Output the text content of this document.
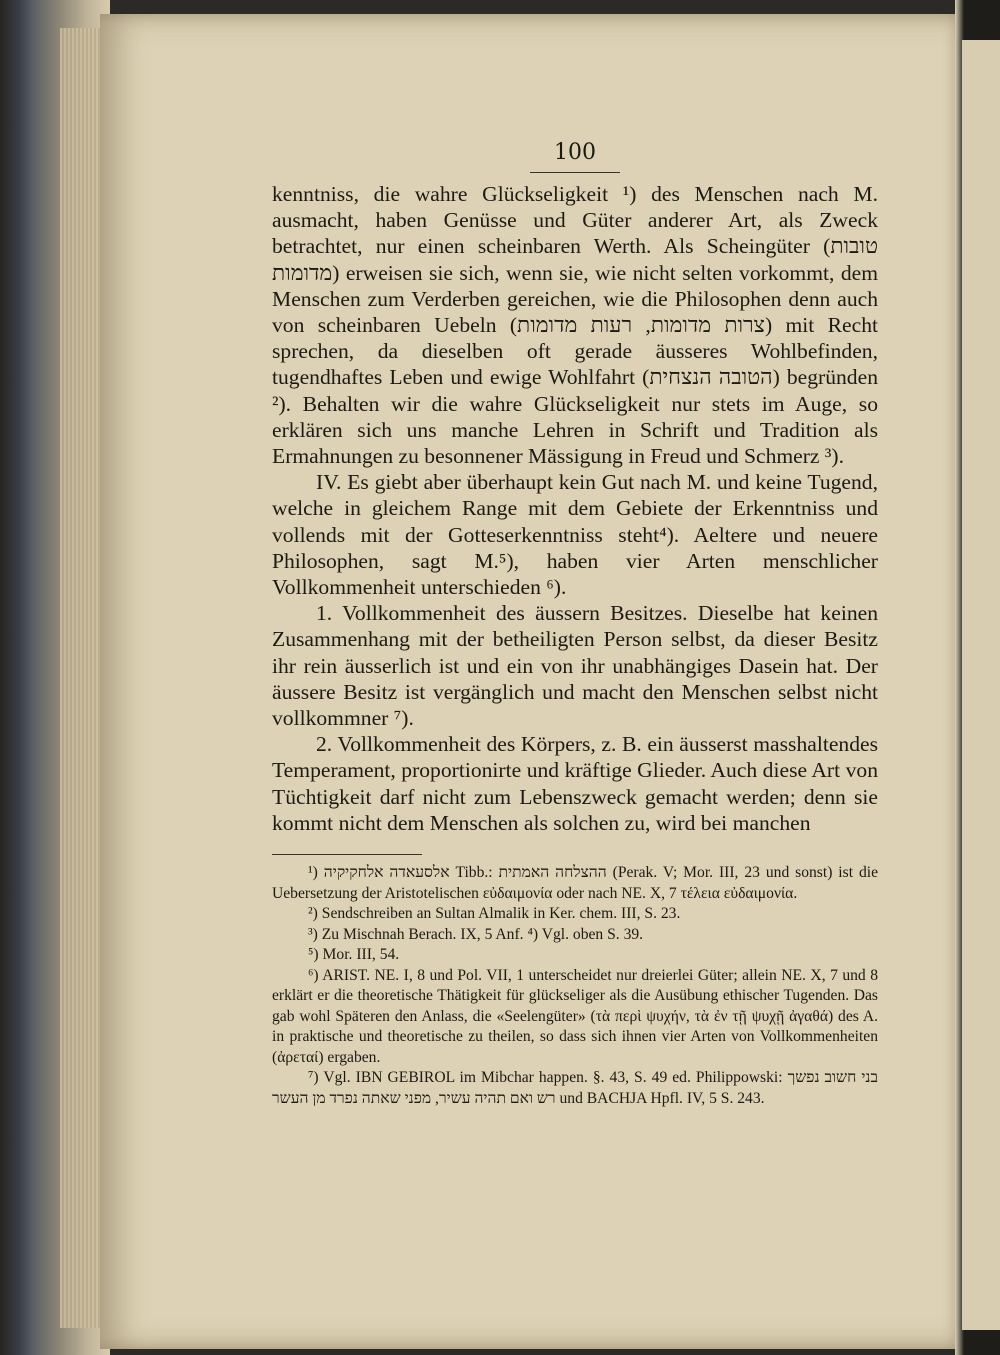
100

kenntniss, die wahre Glückseligkeit ¹) des Menschen nach M. ausmacht, haben Genüsse und Güter anderer Art, als Zweck betrachtet, nur einen scheinbaren Werth. Als Scheingüter (טובות מדומות) erweisen sie sich, wenn sie, wie nicht selten vorkommt, dem Menschen zum Verderben gereichen, wie die Philosophen denn auch von scheinbaren Uebeln (צרות מדומות, רעות מדומות) mit Recht sprechen, da dieselben oft gerade äusseres Wohlbefinden, tugendhaftes Leben und ewige Wohlfahrt (הטובה הנצחית) begründen ²). Behalten wir die wahre Glückseligkeit nur stets im Auge, so erklären sich uns manche Lehren in Schrift und Tradition als Ermahnungen zu besonnener Mässigung in Freud und Schmerz ³).

IV. Es giebt aber überhaupt kein Gut nach M. und keine Tugend, welche in gleichem Range mit dem Gebiete der Erkenntniss und vollends mit der Gotteserkenntniss steht⁴). Aeltere und neuere Philosophen, sagt M.⁵), haben vier Arten menschlicher Vollkommenheit unterschieden ⁶).

1. Vollkommenheit des äussern Besitzes. Dieselbe hat keinen Zusammenhang mit der betheiligten Person selbst, da dieser Besitz ihr rein äusserlich ist und ein von ihr unabhängiges Dasein hat. Der äussere Besitz ist vergänglich und macht den Menschen selbst nicht vollkommner ⁷).

2. Vollkommenheit des Körpers, z. B. ein äusserst masshaltendes Temperament, proportionirte und kräftige Glieder. Auch diese Art von Tüchtigkeit darf nicht zum Lebenszweck gemacht werden; denn sie kommt nicht dem Menschen als solchen zu, wird bei manchen

¹) אלסעאדה אלחקיקיה Tibb.: ההצלחה האמתית (Perak. V; Mor. III, 23 und sonst) ist die Uebersetzung der Aristotelischen εὐδαιμονία oder nach NE. X, 7 τέλεια εὐδαιμονία.

²) Sendschreiben an Sultan Almalik in Ker. chem. III, S. 23.

³) Zu Mischnah Berach. IX, 5 Anf. ⁴) Vgl. oben S. 39.

⁵) Mor. III, 54.

⁶) ARIST. NE. I, 8 und Pol. VII, 1 unterscheidet nur dreierlei Güter; allein NE. X, 7 und 8 erklärt er die theoretische Thätigkeit für glückseliger als die Ausübung ethischer Tugenden. Das gab wohl Späteren den Anlass, die «Seelengüter» (τὰ περὶ ψυχήν, τὰ ἐν τῇ ψυχῇ ἀγαθά) des A. in praktische und theoretische zu theilen, so dass sich ihnen vier Arten von Vollkommenheiten (ἀρεταί) ergaben.

⁷) Vgl. IBN GEBIROL im Mibchar happen. §. 43, S. 49 ed. Philippowski: בני חשוב נפשך רש ואם תהיה עשיר, מפני שאתה נפרד מן העשר und BACHJA Hpfl. IV, 5 S. 243.
